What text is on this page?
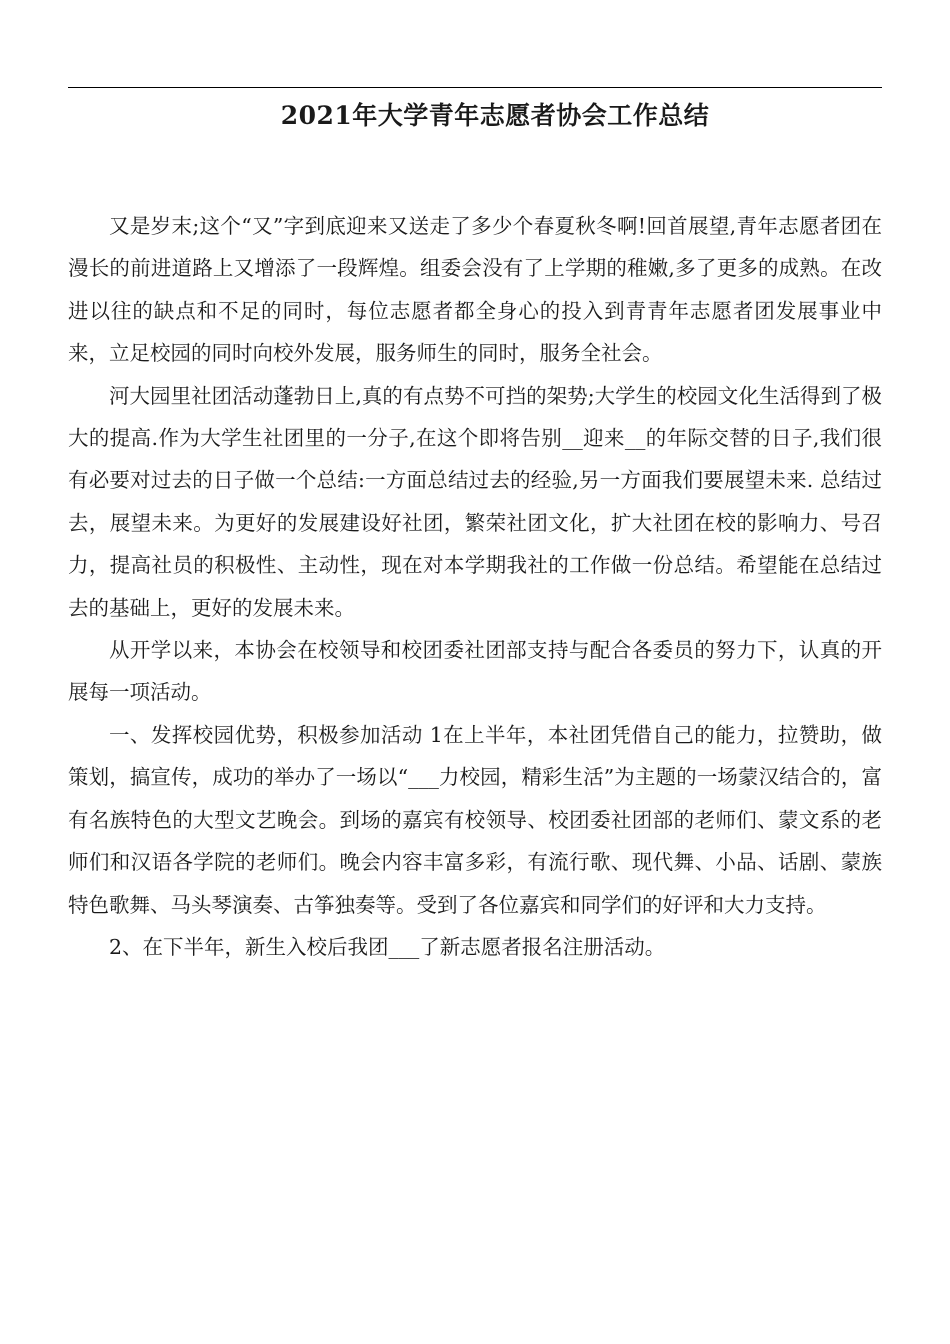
2021年大学青年志愿者协会工作总结

又是岁末;这个“又”字到底迎来又送走了多少个春夏秋冬啊!回首展望,青年志愿者团在漫长的前进道路上又增添了一段辉煌。组委会没有了上学期的稚嫩,多了更多的成熟。在改进以往的缺点和不足的同时，每位志愿者都全身心的投入到青青年志愿者团发展事业中来，立足校园的同时向校外发展，服务师生的同时，服务全社会。

河大园里社团活动蓬勃日上,真的有点势不可挡的架势;大学生的校园文化生活得到了极大的提高.作为大学生社团里的一分子,在这个即将告别__迎来__的年际交替的日子,我们很有必要对过去的日子做一个总结:一方面总结过去的经验,另一方面我们要展望未来. 总结过去，展望未来。为更好的发展建设好社团，繁荣社团文化，扩大社团在校的影响力、号召力，提高社员的积极性、主动性，现在对本学期我社的工作做一份总结。希望能在总结过去的基础上，更好的发展未来。

从开学以来，本协会在校领导和校团委社团部支持与配合各委员的努力下，认真的开展每一项活动。

一、发挥校园优势，积极参加活动 1在上半年，本社团凭借自己的能力，拉赞助，做策划，搞宣传，成功的举办了一场以“___力校园，精彩生活”为主题的一场蒙汉结合的，富有名族特色的大型文艺晚会。到场的嘉宾有校领导、校团委社团部的老师们、蒙文系的老师们和汉语各学院的老师们。晚会内容丰富多彩，有流行歌、现代舞、小品、话剧、蒙族特色歌舞、马头琴演奏、古筝独奏等。受到了各位嘉宾和同学们的好评和大力支持。

2、在下半年，新生入校后我团___了新志愿者报名注册活动。
